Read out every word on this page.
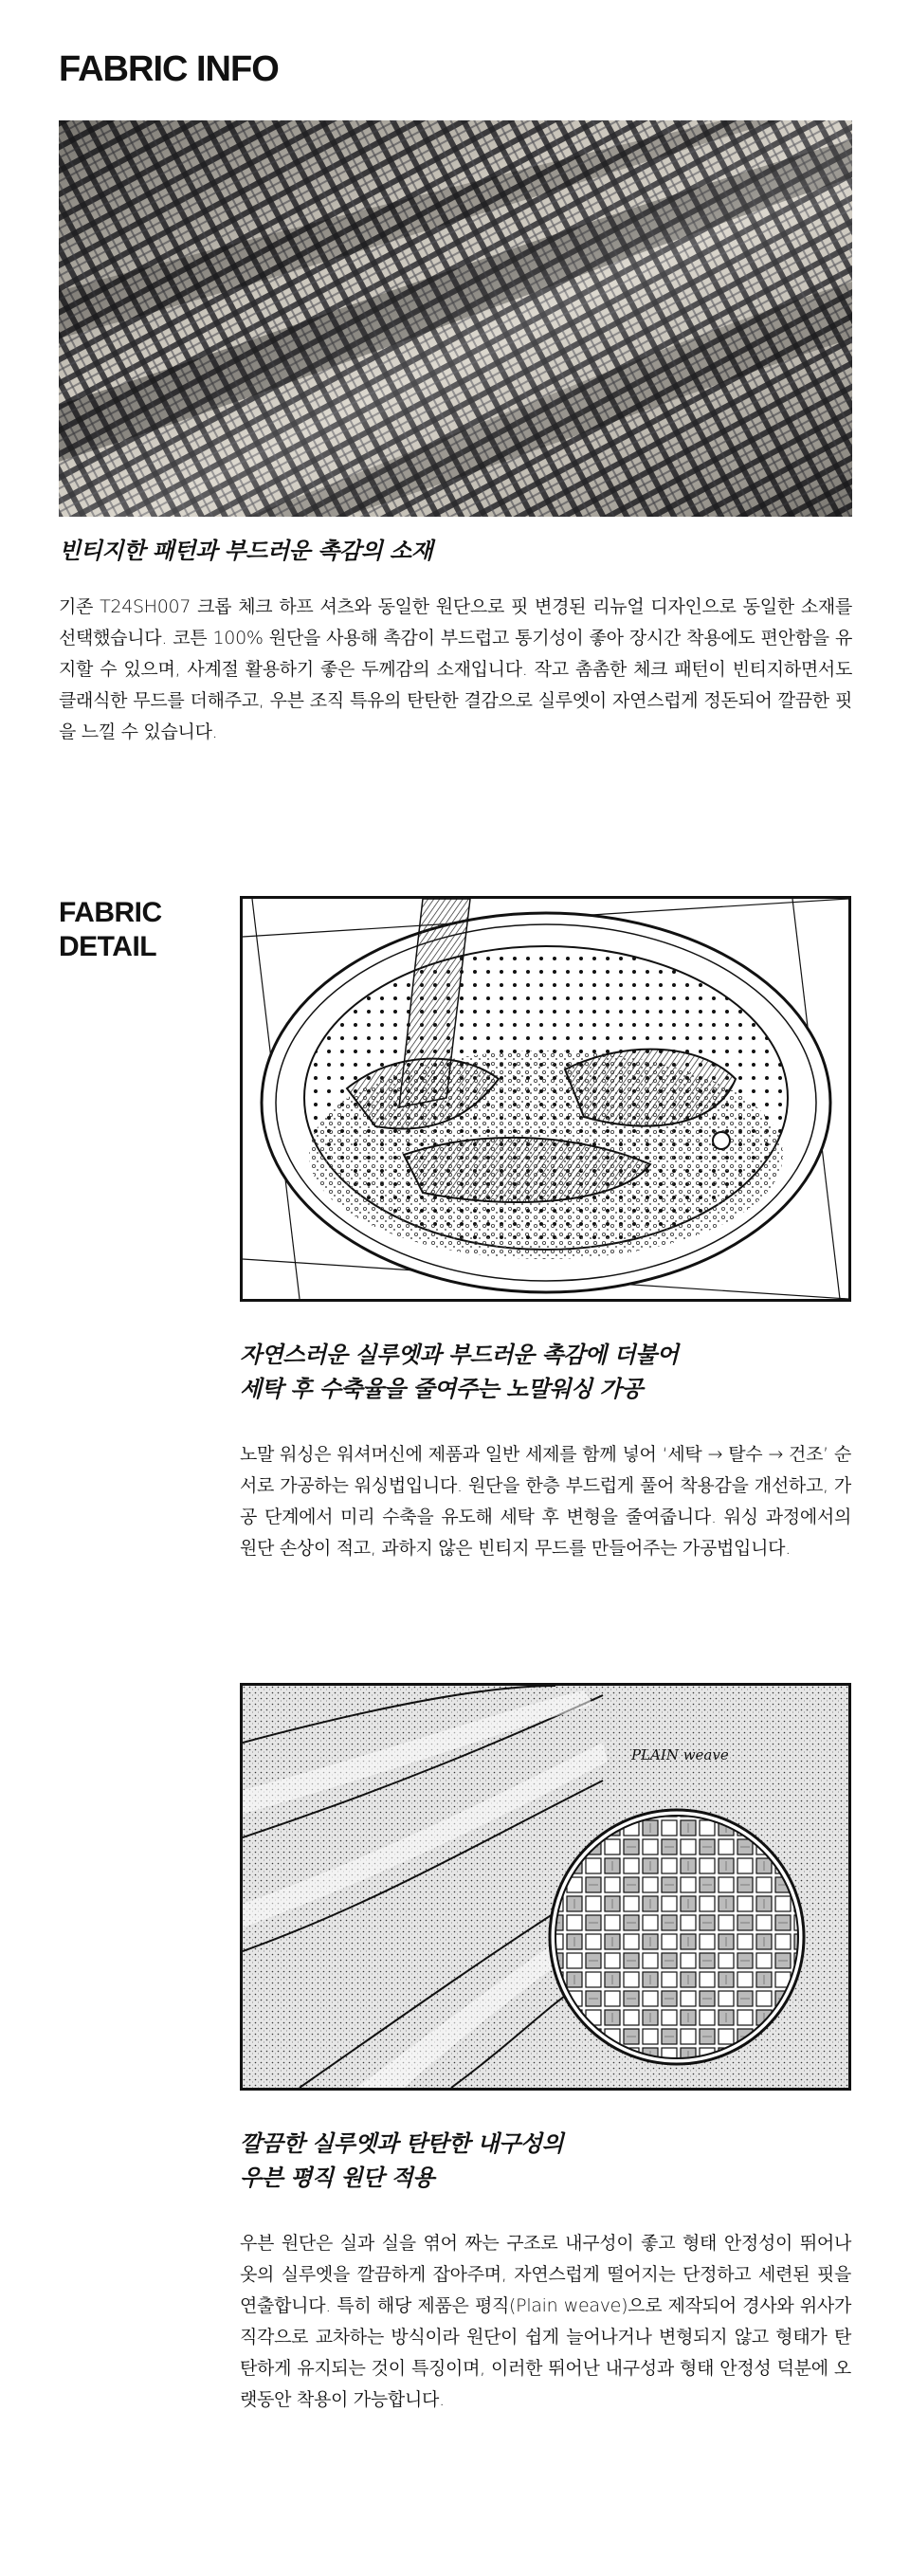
FABRIC INFO
빈티지한 패턴과 부드러운 촉감의 소재

기존 T24SH007 크롭 체크 하프 셔츠와 동일한 원단으로 핏 변경된 리뉴얼 디자인으로 동일한 소재를 선택했습니다. 코튼 100% 원단을 사용해 촉감이 부드럽고 통기성이 좋아 장시간 착용에도 편안함을 유지할 수 있으며, 사계절 활용하기 좋은 두께감의 소재입니다. 작고 촘촘한 체크 패턴이 빈티지하면서도 클래식한 무드를 더해주고, 우븐 조직 특유의 탄탄한 결감으로 실루엣이 자연스럽게 정돈되어 깔끔한 핏을 느낄 수 있습니다.

FABRIC
DETAIL
자연스러운 실루엣과 부드러운 촉감에 더불어
세탁 후 수축율을 줄여주는 노말워싱 가공

노말 워싱은 워셔머신에 제품과 일반 세제를 함께 넣어 ‘세탁 → 탈수 → 건조’ 순서로 가공하는 워싱법입니다. 원단을 한층 부드럽게 풀어 착용감을 개선하고, 가공 단계에서 미리 수축을 유도해 세탁 후 변형을 줄여줍니다. 워싱 과정에서의 원단 손상이 적고, 과하지 않은 빈티지 무드를 만들어주는 가공법입니다.

PLAIN weave
깔끔한 실루엣과 탄탄한 내구성의
우븐 평직 원단 적용

우븐 원단은 실과 실을 엮어 짜는 구조로 내구성이 좋고 형태 안정성이 뛰어나 옷의 실루엣을 깔끔하게 잡아주며, 자연스럽게 떨어지는 단정하고 세련된 핏을 연출합니다. 특히 해당 제품은 평직(Plain weave)으로 제작되어 경사와 위사가 직각으로 교차하는 방식이라 원단이 쉽게 늘어나거나 변형되지 않고 형태가 탄탄하게 유지되는 것이 특징이며, 이러한 뛰어난 내구성과 형태 안정성 덕분에 오랫동안 착용이 가능합니다.
